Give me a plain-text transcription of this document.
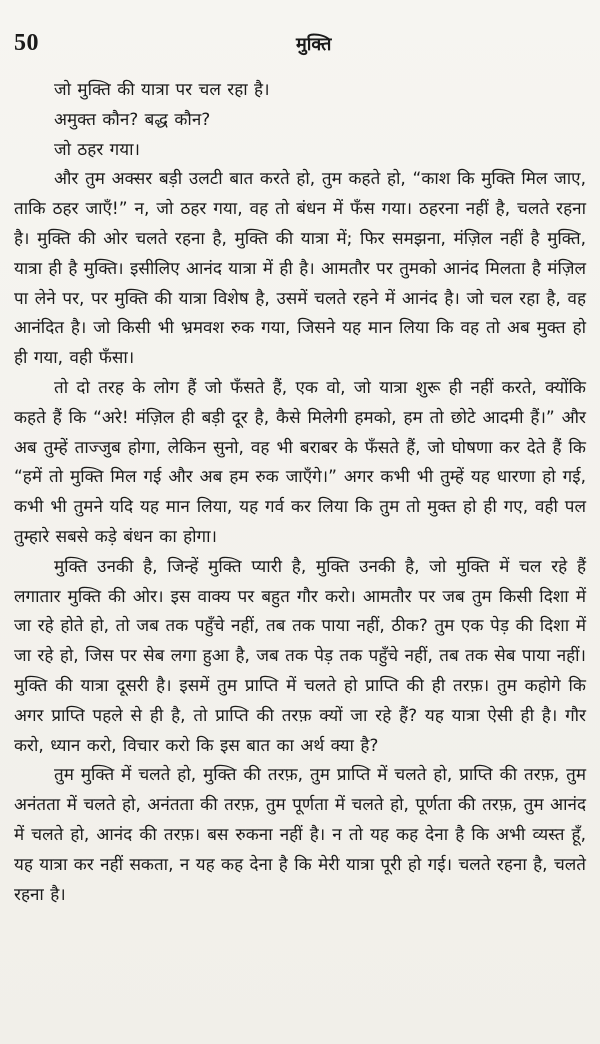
50	मुक्ति

जो मुक्ति की यात्रा पर चल रहा है।

अमुक्त कौन? बद्ध कौन?

जो ठहर गया।

और तुम अक्सर बड़ी उलटी बात करते हो, तुम कहते हो, “काश कि मुक्ति मिल जाए, ताकि ठहर जाएँ!” न, जो ठहर गया, वह तो बंधन में फँस गया। ठहरना नहीं है, चलते रहना है। मुक्ति की ओर चलते रहना है, मुक्ति की यात्रा में; फिर समझना, मंज़िल नहीं है मुक्ति, यात्रा ही है मुक्ति। इसीलिए आनंद यात्रा में ही है। आमतौर पर तुमको आनंद मिलता है मंज़िल पा लेने पर, पर मुक्ति की यात्रा विशेष है, उसमें चलते रहने में आनंद है। जो चल रहा है, वह आनंदित है। जो किसी भी भ्रमवश रुक गया, जिसने यह मान लिया कि वह तो अब मुक्त हो ही गया, वही फँसा।

तो दो तरह के लोग हैं जो फँसते हैं, एक वो, जो यात्रा शुरू ही नहीं करते, क्योंकि कहते हैं कि “अरे! मंज़िल ही बड़ी दूर है, कैसे मिलेगी हमको, हम तो छोटे आदमी हैं।” और अब तुम्हें ताज्जुब होगा, लेकिन सुनो, वह भी बराबर के फँसते हैं, जो घोषणा कर देते हैं कि “हमें तो मुक्ति मिल गई और अब हम रुक जाएँगे।” अगर कभी भी तुम्हें यह धारणा हो गई, कभी भी तुमने यदि यह मान लिया, यह गर्व कर लिया कि तुम तो मुक्त हो ही गए, वही पल तुम्हारे सबसे कड़े बंधन का होगा।

मुक्ति उनकी है, जिन्हें मुक्ति प्यारी है, मुक्ति उनकी है, जो मुक्ति में चल रहे हैं लगातार मुक्ति की ओर। इस वाक्य पर बहुत गौर करो। आमतौर पर जब तुम किसी दिशा में जा रहे होते हो, तो जब तक पहुँचे नहीं, तब तक पाया नहीं, ठीक? तुम एक पेड़ की दिशा में जा रहे हो, जिस पर सेब लगा हुआ है, जब तक पेड़ तक पहुँचे नहीं, तब तक सेब पाया नहीं। मुक्ति की यात्रा दूसरी है। इसमें तुम प्राप्ति में चलते हो प्राप्ति की ही तरफ़। तुम कहोगे कि अगर प्राप्ति पहले से ही है, तो प्राप्ति की तरफ़ क्यों जा रहे हैं? यह यात्रा ऐसी ही है। गौर करो, ध्यान करो, विचार करो कि इस बात का अर्थ क्या है?

तुम मुक्ति में चलते हो, मुक्ति की तरफ़, तुम प्राप्ति में चलते हो, प्राप्ति की तरफ़, तुम अनंतता में चलते हो, अनंतता की तरफ़, तुम पूर्णता में चलते हो, पूर्णता की तरफ़, तुम आनंद में चलते हो, आनंद की तरफ़। बस रुकना नहीं है। न तो यह कह देना है कि अभी व्यस्त हूँ, यह यात्रा कर नहीं सकता, न यह कह देना है कि मेरी यात्रा पूरी हो गई। चलते रहना है, चलते रहना है।
